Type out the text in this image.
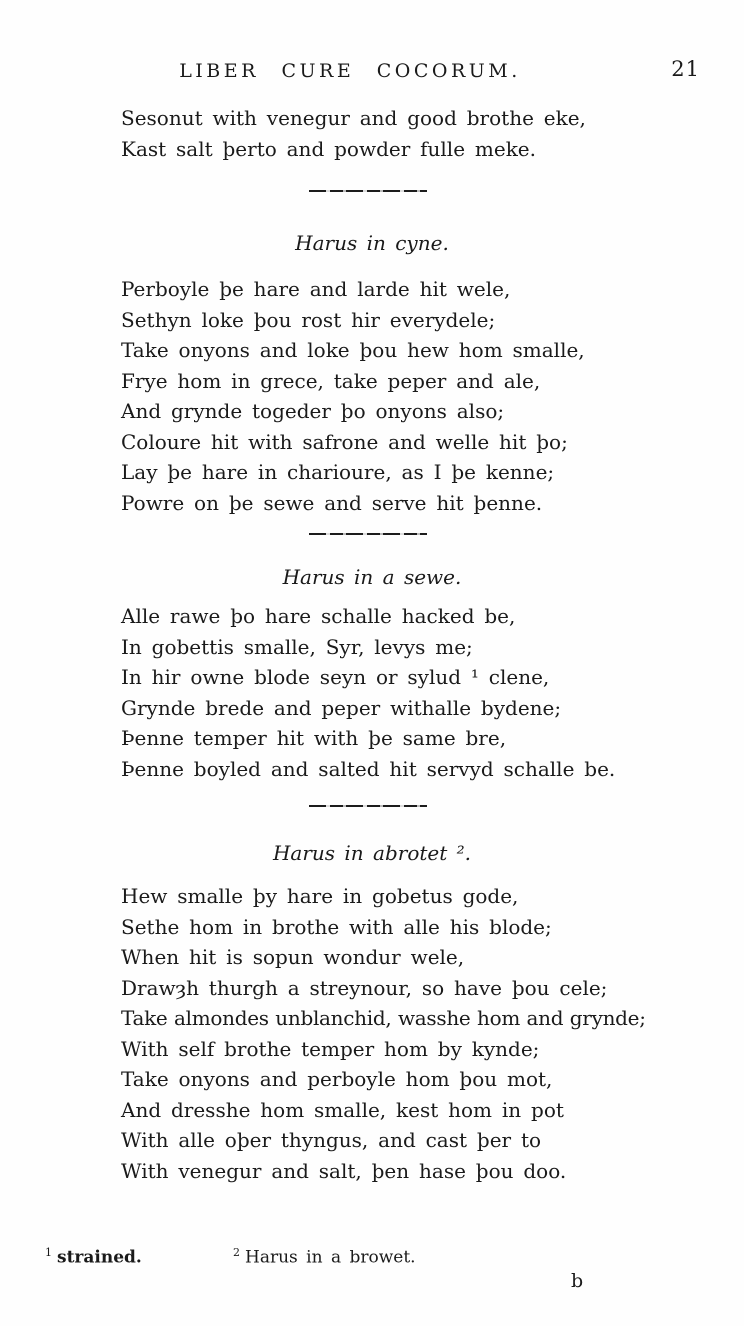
LIBER CURE COCORUM.	21
Sesonut with venegur and good brothe eke,
Kast salt þerto and powder fulle meke.
Harus in cyne.
Perboyle þe hare and larde hit wele,
Sethyn loke þou rost hir everydele;
Take onyons and loke þou hew hom smalle,
Frye hom in grece, take peper and ale,
And grynde togeder þo onyons also;
Coloure hit with safrone and welle hit þo;
Lay þe hare in charioure, as I þe kenne;
Powre on þe sewe and serve hit þenne.
Harus in a sewe.
Alle rawe þo hare schalle hacked be,
In gobettis smalle, Syr, levys me;
In hir owne blode seyn or sylud ¹ clene,
Grynde brede and peper withalle bydene;
Þenne temper hit with þe same bre,
Þenne boyled and salted hit servyd schalle be.
Harus in abrotet ².
Hew smalle þy hare in gobetus gode,
Sethe hom in brothe with alle his blode;
When hit is sopun wondur wele,
Drawȝh thurgh a streynour, so have þou cele;
Take almondes unblanchid, wasshe hom and grynde;
With self brothe temper hom by kynde;
Take onyons and perboyle hom þou mot,
And dresshe hom smalle, kest hom in pot
With alle oþer thyngus, and cast þer to
With venegur and salt, þen hase þou doo.
$^1$ strained.	$^2$ Harus in a browet.
b
